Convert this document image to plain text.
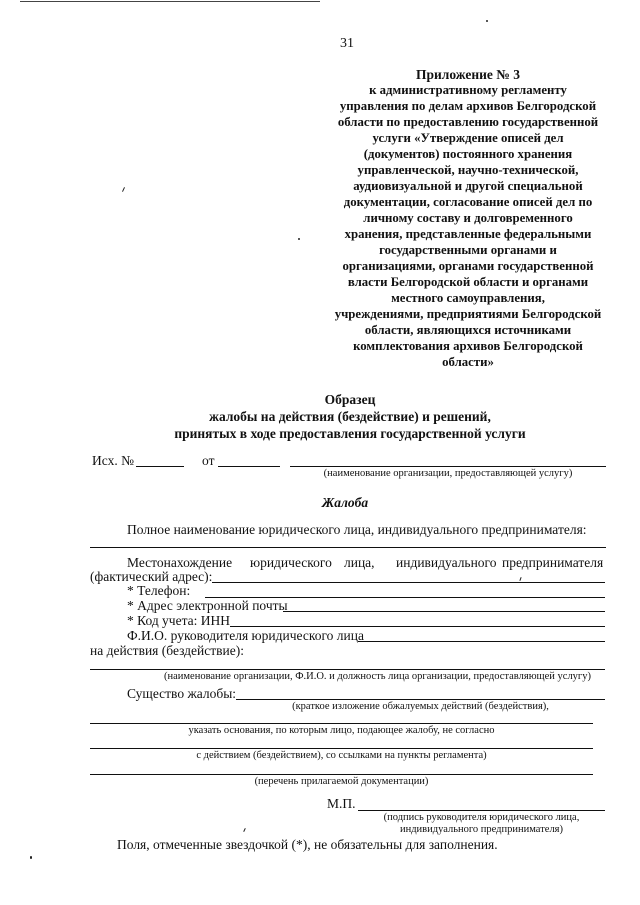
31
Приложение № 3
к административному регламенту
управления по делам архивов Белгородской
области по предоставлению государственной
услуги «Утверждение описей дел
(документов) постоянного хранения
управленческой, научно-технической,
аудиовизуальной и другой специальной
документации, согласование описей дел по
личному составу и долговременного
хранения, представленные федеральными
государственными органами и
организациями, органами государственной
власти Белгородской области и органами
местного самоуправления,
учреждениями, предприятиями Белгородской
области, являющихся источниками
комплектования архивов Белгородской
области»
Образец
жалобы на действия (бездействие) и решений,
принятых в ходе предоставления государственной услуги
Исх. №	от
(наименование организации, предоставляющей услугу)
Жалоба
Полное наименование юридического лица, индивидуального предпринимателя:
Местонахождение юридического лица, индивидуального предпринимателя
(фактический адрес):
* Телефон:
* Адрес электронной почты
* Код учета: ИНН
Ф.И.О. руководителя юридического лица
на действия (бездействие):
(наименование организации, Ф.И.О. и должность лица организации, предоставляющей услугу)
Существо жалобы:
(краткое изложение обжалуемых действий (бездействия),
указать основания, по которым лицо, подающее жалобу, не согласно
с действием (бездействием), со ссылками на пункты регламента)
(перечень прилагаемой документации)
М.П.
(подпись руководителя юридического лица,
индивидуального предпринимателя)
Поля, отмеченные звездочкой (*), не обязательны для заполнения.
